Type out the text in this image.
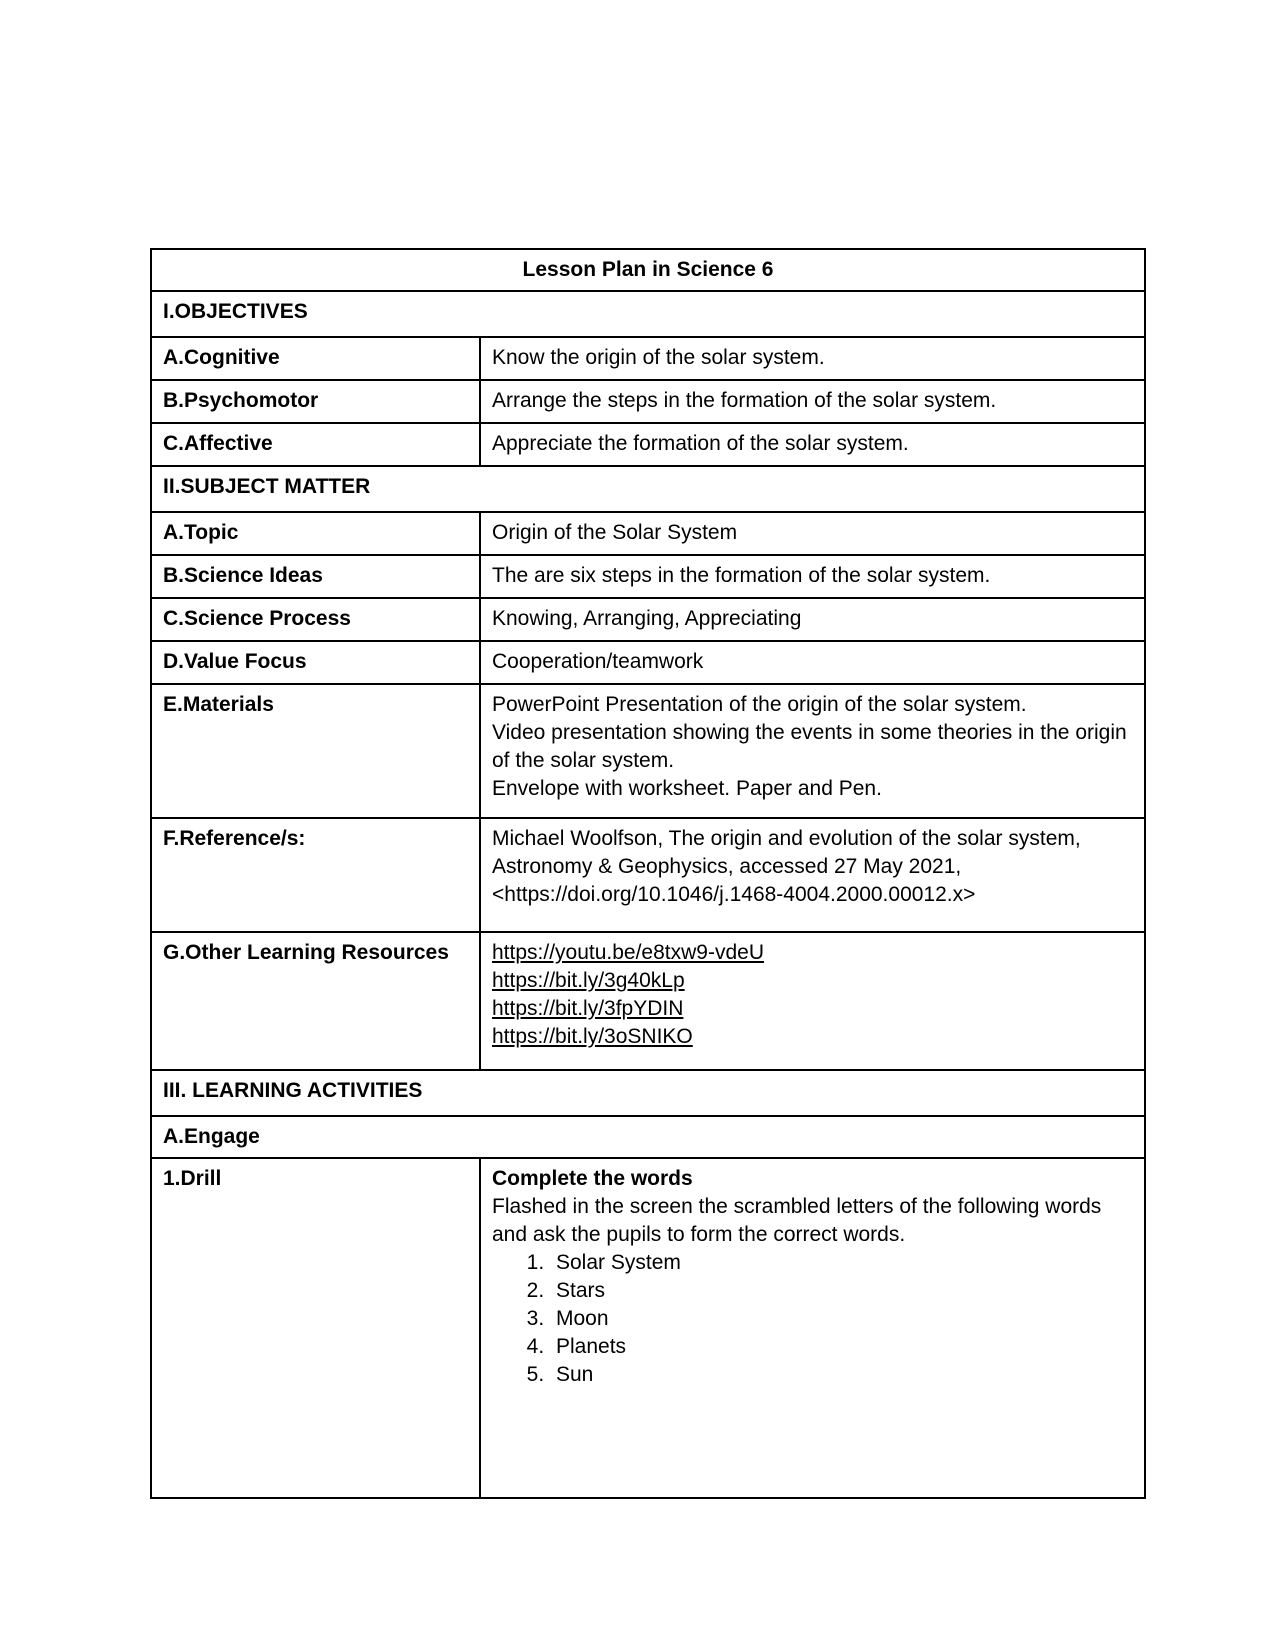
Lesson Plan in Science 6	
I.OBJECTIVES	
A.Cognitive	Know the origin of the solar system.
B.Psychomotor	Arrange the steps in the formation of the solar system.
C.Affective	Appreciate the formation of the solar system.
II.SUBJECT MATTER	
A.Topic	Origin of the Solar System
B.Science Ideas	The are six steps in the formation of the solar system.
C.Science Process	Knowing, Arranging, Appreciating
D.Value Focus	Cooperation/teamwork
E.Materials	PowerPoint Presentation of the origin of the solar system.

Video presentation showing the events in some theories in the origin of the solar system.

Envelope with worksheet. Paper and Pen.

F.Reference/s:	Michael Woolfson, The origin and evolution of the solar system, Astronomy & Geophysics, accessed 27 May 2021,<https://doi.org/10.1046/j.1468-4004.2000.00012.x>

G.Other Learning Resources	https://youtu.be/e8txw9-vdeU
https://bit.ly/3g40kLp
https://bit.ly/3fpYDIN
https://bit.ly/3oSNIKO

III. LEARNING ACTIVITIES	
A.Engage	
1.Drill	Complete the words

Flashed in the screen the scrambled letters of the following words and ask the pupils to form the correct words.

1. Solar System
2. Stars
3. Moon
4. Planets
5. Sun
